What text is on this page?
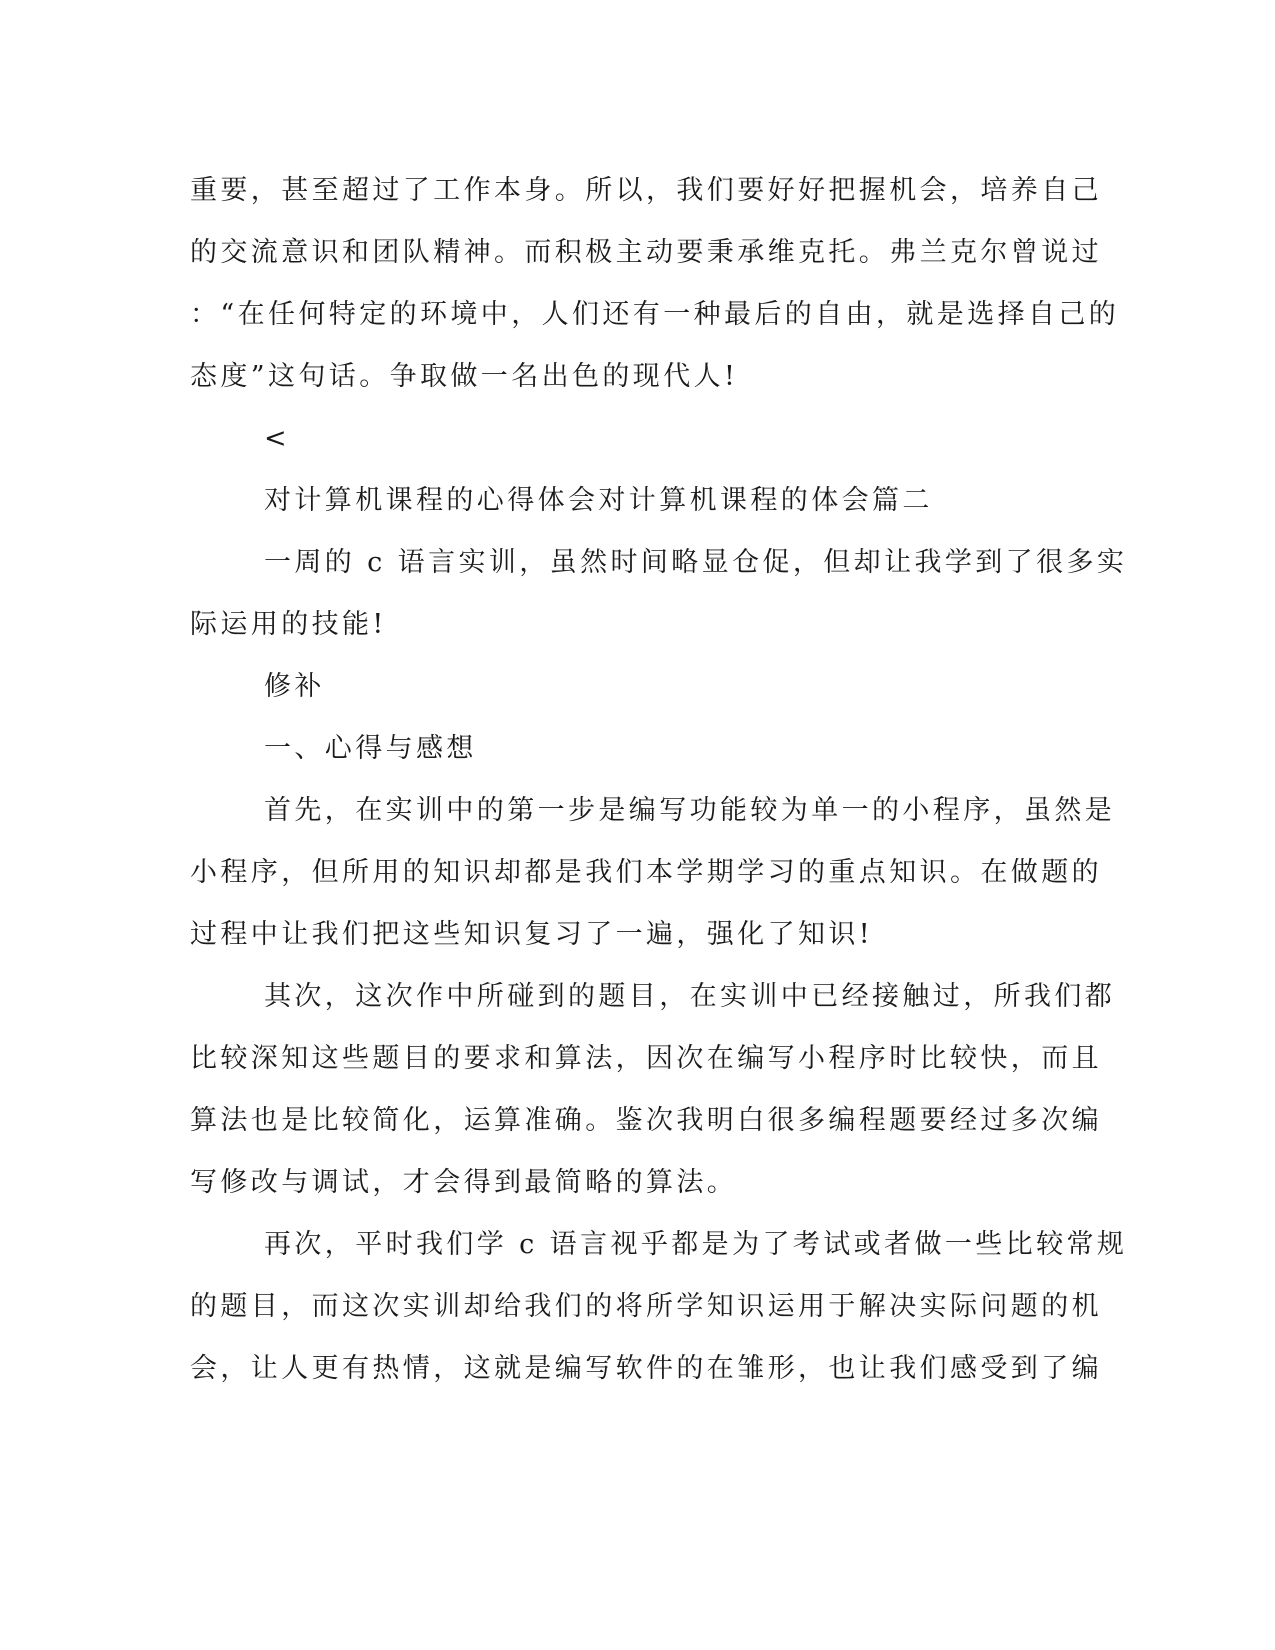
重要，甚至超过了工作本身。所以，我们要好好把握机会，培养自己
的交流意识和团队精神。而积极主动要秉承维克托。弗兰克尔曾说过
：“在任何特定的环境中，人们还有一种最后的自由，就是选择自己的
态度”这句话。争取做一名出色的现代人!
<
对计算机课程的心得体会对计算机课程的体会篇二
一周的 c 语言实训，虽然时间略显仓促，但却让我学到了很多实
际运用的技能!
修补
一、心得与感想
首先，在实训中的第一步是编写功能较为单一的小程序，虽然是
小程序，但所用的知识却都是我们本学期学习的重点知识。在做题的
过程中让我们把这些知识复习了一遍，强化了知识!
其次，这次作中所碰到的题目，在实训中已经接触过，所我们都
比较深知这些题目的要求和算法，因次在编写小程序时比较快，而且
算法也是比较简化，运算准确。鉴次我明白很多编程题要经过多次编
写修改与调试，才会得到最简略的算法。
再次，平时我们学 c 语言视乎都是为了考试或者做一些比较常规
的题目，而这次实训却给我们的将所学知识运用于解决实际问题的机
会，让人更有热情，这就是编写软件的在雏形，也让我们感受到了编
